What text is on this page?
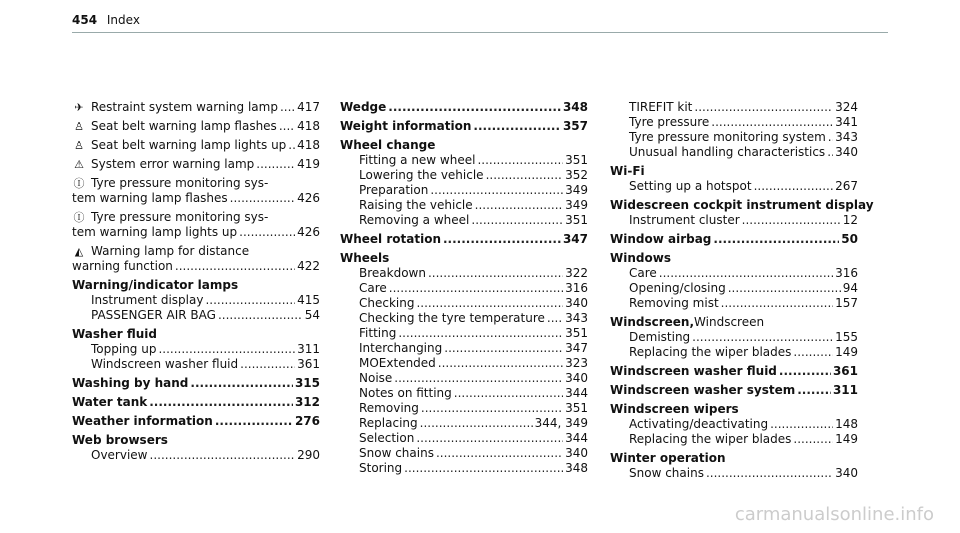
454 Index
✈ Restraint system warning lamp ..... 417
♙ Seat belt warning lamp flashes ..... 418
♙ Seat belt warning lamp lights up ..... 418
⚠ System error warning lamp .....	419
Ⓘ Tyre pressure monitoring sys-
tem warning lamp flashes .....	426
Ⓘ Tyre pressure monitoring sys-
tem warning lamp lights up .....	426
◭ Warning lamp for distance
warning function .....	422
Warning/indicator lamps
Instrument display .....	415
PASSENGER AIR BAG .....	54
Washer fluid
Topping up .....	311
Windscreen washer fluid .....	361
Washing by hand .....	315
Water tank .....	312
Weather information .....	276
Web browsers
Overview .....	290
Wedge .....	348
Weight information .....	357
Wheel change
Fitting a new wheel .....	351
Lowering the vehicle .....	352
Preparation .....	349
Raising the vehicle .....	349
Removing a wheel .....	351
Wheel rotation .....	347
Wheels
Breakdown .....	322
Care .....	316
Checking .....	340
Checking the tyre temperature ..... 343
Fitting .....	351
Interchanging .....	347
MOExtended .....	323
Noise .....	340
Notes on fitting .....	344
Removing .....	351
Replacing .....	344, 349
Selection .....	344
Snow chains .....	340
Storing .....	348
TIREFIT kit .....	324
Tyre pressure .....	341
Tyre pressure monitoring system ..... 343
Unusual handling characteristics ..... 340
Wi-Fi
Setting up a hotspot .....	267
Widescreen cockpit instrument display
Instrument cluster .....	12
Window airbag .....	50
Windows
Care .....	316
Opening/closing .....	94
Removing mist .....	157
Windscreen, Windscreen
Demisting .....	155
Replacing the wiper blades .....	149
Windscreen washer fluid .....	361
Windscreen washer system .....	311
Windscreen wipers
Activating/deactivating .....	148
Replacing the wiper blades .....	149
Winter operation
Snow chains .....	340
carmanualsonline.info
